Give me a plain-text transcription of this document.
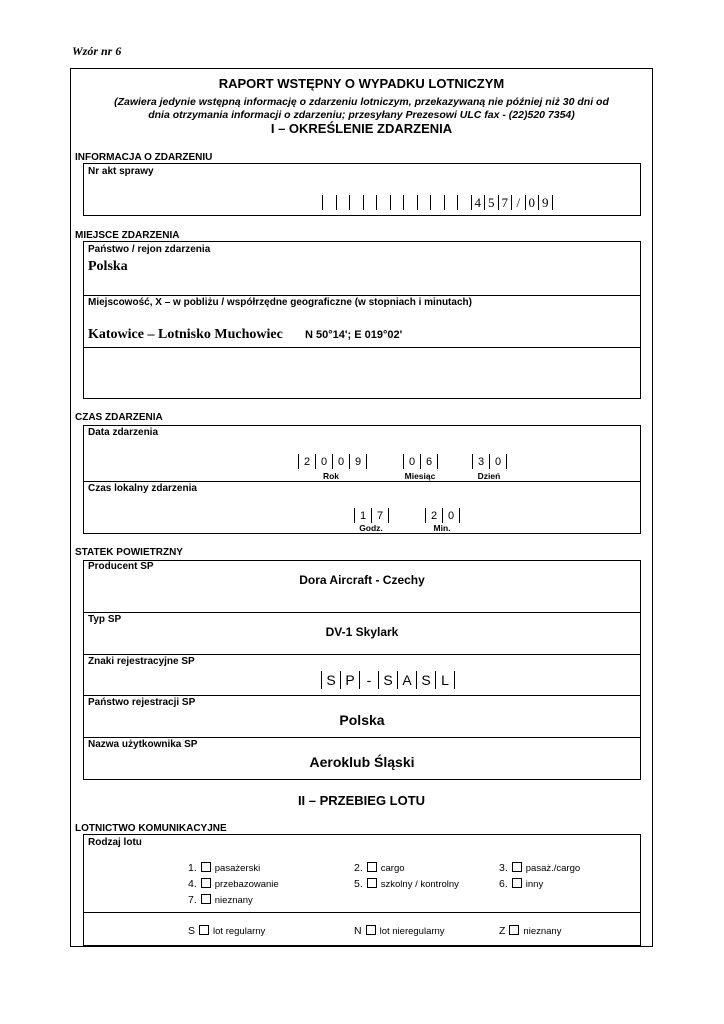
Wzór nr 6
RAPORT WSTĘPNY O WYPADKU LOTNICZYM
(Zawiera jedynie wstępną informację o zdarzeniu lotniczym, przekazywaną nie później niż 30 dni od
dnia otrzymania informacji o zdarzeniu; przesyłany Prezesowi ULC fax - (22)520 7354)
I – OKREŚLENIE ZDARZENIA
INFORMACJA O ZDARZENIU
Nr akt sprawy
4 5 7 / 0 9
MIEJSCE ZDARZENIA
Państwo / rejon zdarzenia
Polska
Miejscowość, X – w pobliżu / współrzędne geograficzne (w stopniach i minutach)
Katowice – Lotnisko Muchowiec N 50°14'; E 019°02'
CZAS ZDARZENIA
Data zdarzenia
2 0 0 9
Rok
0 6
Miesiąc
3 0
Dzień
Czas lokalny zdarzenia
1 7
Godz.
2 0
Min.
STATEK POWIETRZNY
Producent SP
Dora Aircraft - Czechy
Typ SP
DV-1 Skylark
Znaki rejestracyjne SP
S P - S A S L
Państwo rejestracji SP
Polska
Nazwa użytkownika SP
Aeroklub Śląski
II – PRZEBIEG LOTU
LOTNICTWO KOMUNIKACYJNE
Rodzaj lotu
1. pasażerski	2. cargo	3. pasaż./cargo
4. przebazowanie	5. szkolny / kontrolny	6. inny
7. nieznany
S lot regularny	N lot nieregularny	Z nieznany
